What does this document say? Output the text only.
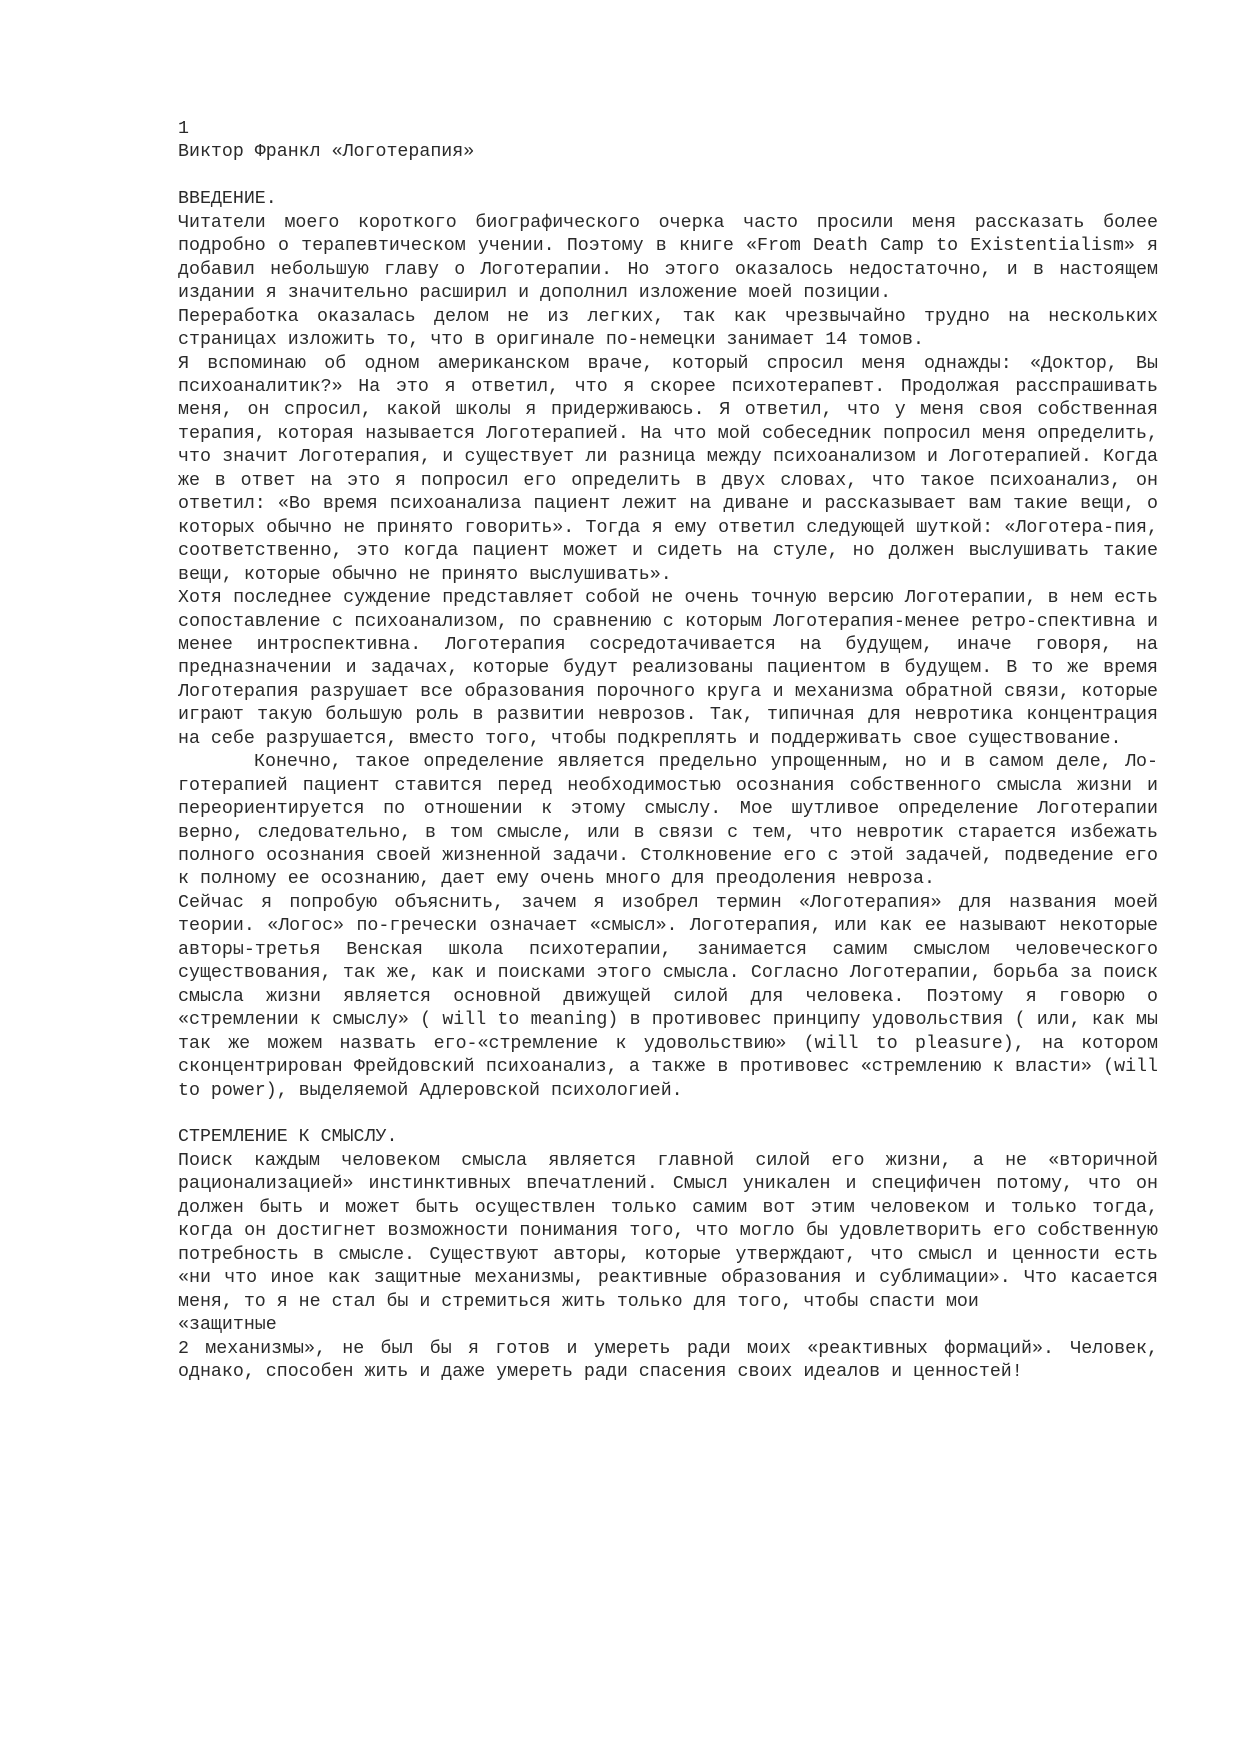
1
Виктор Франкл «Логотерапия»
ВВЕДЕНИЕ.

Читатели моего короткого биографического очерка часто просили меня рассказать более подробно о терапевтическом учении. Поэтому в книге «From Death Camp to Existentialism» я добавил небольшую главу о Логотерапии. Но этого оказалось недостаточно, и в настоящем издании я значительно расширил и дополнил изложение моей позиции.

Переработка оказалась делом не из легких, так как чрезвычайно трудно на нескольких страницах изложить то, что в оригинале по-немецки занимает 14 томов.

Я вспоминаю об одном американском враче, который спросил меня однажды: «Доктор, Вы психоаналитик?» На это я ответил, что я скорее психотерапевт. Продолжая расспрашивать меня, он спросил, какой школы я придерживаюсь. Я ответил, что у меня своя собственная терапия, которая называется Логотерапией. На что мой собеседник попросил меня определить, что значит Логотерапия, и существует ли разница между психоанализом и Логотерапией. Когда же в ответ на это я попросил его определить в двух словах, что такое психоанализ, он ответил: «Во время психоанализа пациент лежит на диване и рассказывает вам такие вещи, о которых обычно не принято говорить». Тогда я ему ответил следующей шуткой: «Логотера-пия, соответственно, это когда пациент может и сидеть на стуле, но должен выслушивать такие вещи, которые обычно не принято выслушивать».

Хотя последнее суждение представляет собой не очень точную версию Логотерапии, в нем есть сопоставление с психоанализом, по сравнению с которым Логотерапия-менее ретро-спективна и менее интроспективна. Логотерапия сосредотачивается на будущем, иначе говоря, на предназначении и задачах, которые будут реализованы пациентом в будущем. В то же время Логотерапия разрушает все образования порочного круга и механизма обратной связи, которые играют такую большую роль в развитии неврозов. Так, типичная для невротика концентрация на себе разрушается, вместо того, чтобы подкреплять и поддерживать свое существование.

Конечно, такое определение является предельно упрощенным, но и в самом деле, Ло-готерапией пациент ставится перед необходимостью осознания собственного смысла жизни и переориентируется по отношении к этому смыслу. Мое шутливое определение Логотерапии верно, следовательно, в том смысле, или в связи с тем, что невротик старается избежать полного осознания своей жизненной задачи. Столкновение его с этой задачей, подведение его к полному ее осознанию, дает ему очень много для преодоления невроза.

Сейчас я попробую объяснить, зачем я изобрел термин «Логотерапия» для названия моей теории. «Логос» по-гречески означает «смысл». Логотерапия, или как ее называют некоторые авторы-третья Венская школа психотерапии, занимается самим смыслом человеческого существования, так же, как и поисками этого смысла. Согласно Логотерапии, борьба за поиск смысла жизни является основной движущей силой для человека. Поэтому я говорю о «стремлении к смыслу» ( will to meaning) в противовес принципу удовольствия ( или, как мы так же можем назвать его-«стремление к удовольствию» (will to pleasure), на котором сконцентрирован Фрейдовский психоанализ, а также в противовес «стремлению к власти» (will to power), выделяемой Адлеровской психологией.

СТРЕМЛЕНИЕ К СМЫСЛУ.

Поиск каждым человеком смысла является главной силой его жизни, а не «вторичной рационализацией» инстинктивных впечатлений. Смысл уникален и специфичен потому, что он должен быть и может быть осуществлен только самим вот этим человеком и только тогда, когда он достигнет возможности понимания того, что могло бы удовлетворить его собственную потребность в смысле. Существуют авторы, которые утверждают, что смысл и ценности есть «ни что иное как защитные механизмы, реактивные образования и сублимации». Что касается меня, то я не стал бы и стремиться жить только для того, чтобы спасти мои

«защитные

2 механизмы», не был бы я готов и умереть ради моих «реактивных формаций». Человек, однако, способен жить и даже умереть ради спасения своих идеалов и ценностей!
